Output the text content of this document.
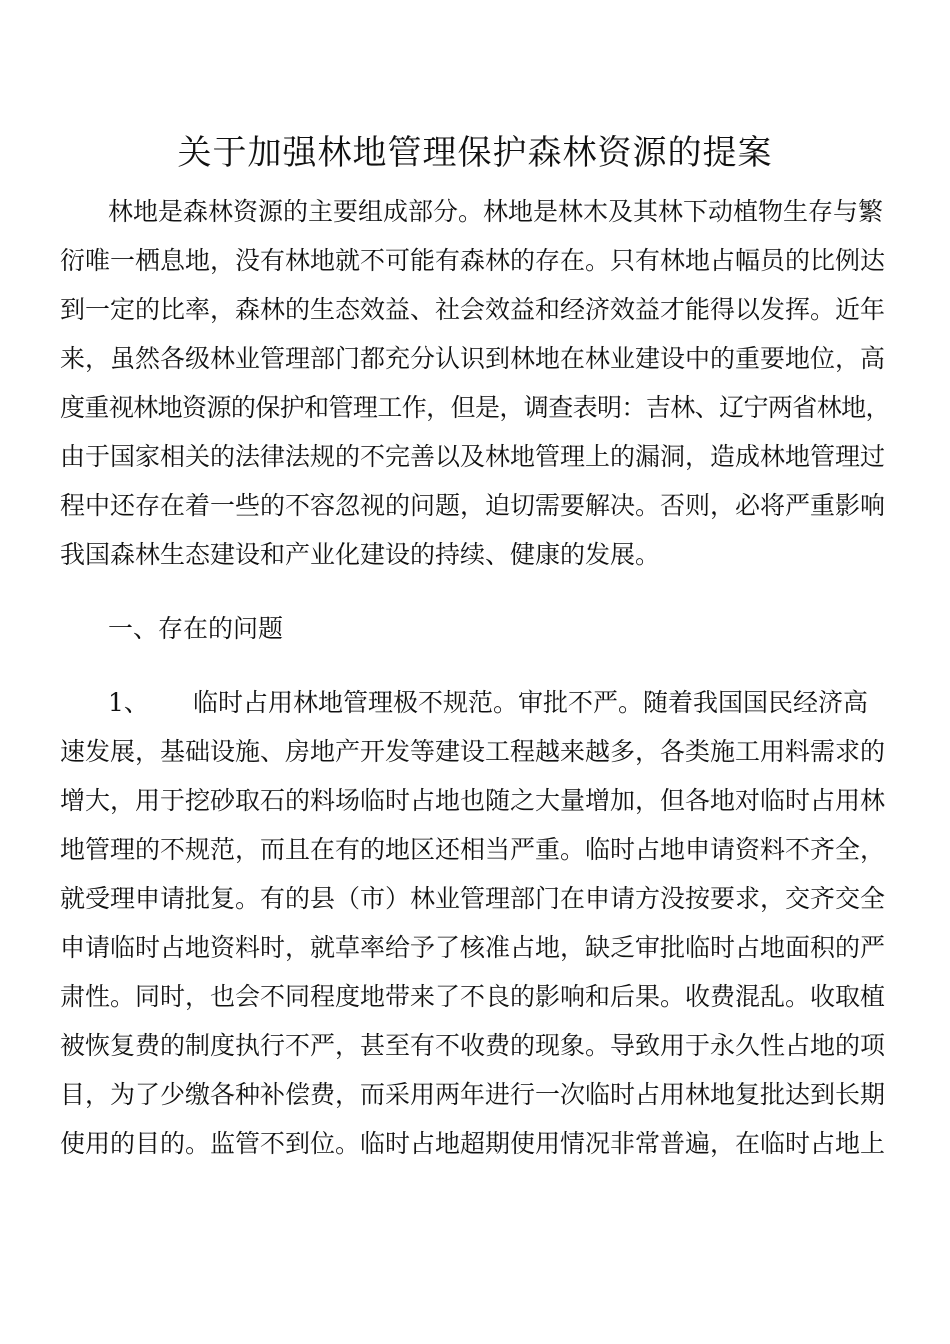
关于加强林地管理保护森林资源的提案
林地是森林资源的主要组成部分。林地是林木及其林下动植物生存与繁
衍唯一栖息地，没有林地就不可能有森林的存在。只有林地占幅员的比例达
到一定的比率，森林的生态效益、社会效益和经济效益才能得以发挥。近年
来，虽然各级林业管理部门都充分认识到林地在林业建设中的重要地位，高
度重视林地资源的保护和管理工作，但是，调查表明：吉林、辽宁两省林地，
由于国家相关的法律法规的不完善以及林地管理上的漏洞，造成林地管理过
程中还存在着一些的不容忽视的问题，迫切需要解决。否则，必将严重影响
我国森林生态建设和产业化建设的持续、健康的发展。
一、存在的问题
1、 临时占用林地管理极不规范。审批不严。随着我国国民经济高
速发展，基础设施、房地产开发等建设工程越来越多，各类施工用料需求的
增大，用于挖砂取石的料场临时占地也随之大量增加，但各地对临时占用林
地管理的不规范，而且在有的地区还相当严重。临时占地申请资料不齐全，
就受理申请批复。有的县（市）林业管理部门在申请方没按要求，交齐交全
申请临时占地资料时，就草率给予了核准占地，缺乏审批临时占地面积的严
肃性。同时，也会不同程度地带来了不良的影响和后果。收费混乱。收取植
被恢复费的制度执行不严，甚至有不收费的现象。导致用于永久性占地的项
目，为了少缴各种补偿费，而采用两年进行一次临时占用林地复批达到长期
使用的目的。监管不到位。临时占地超期使用情况非常普遍，在临时占地上
